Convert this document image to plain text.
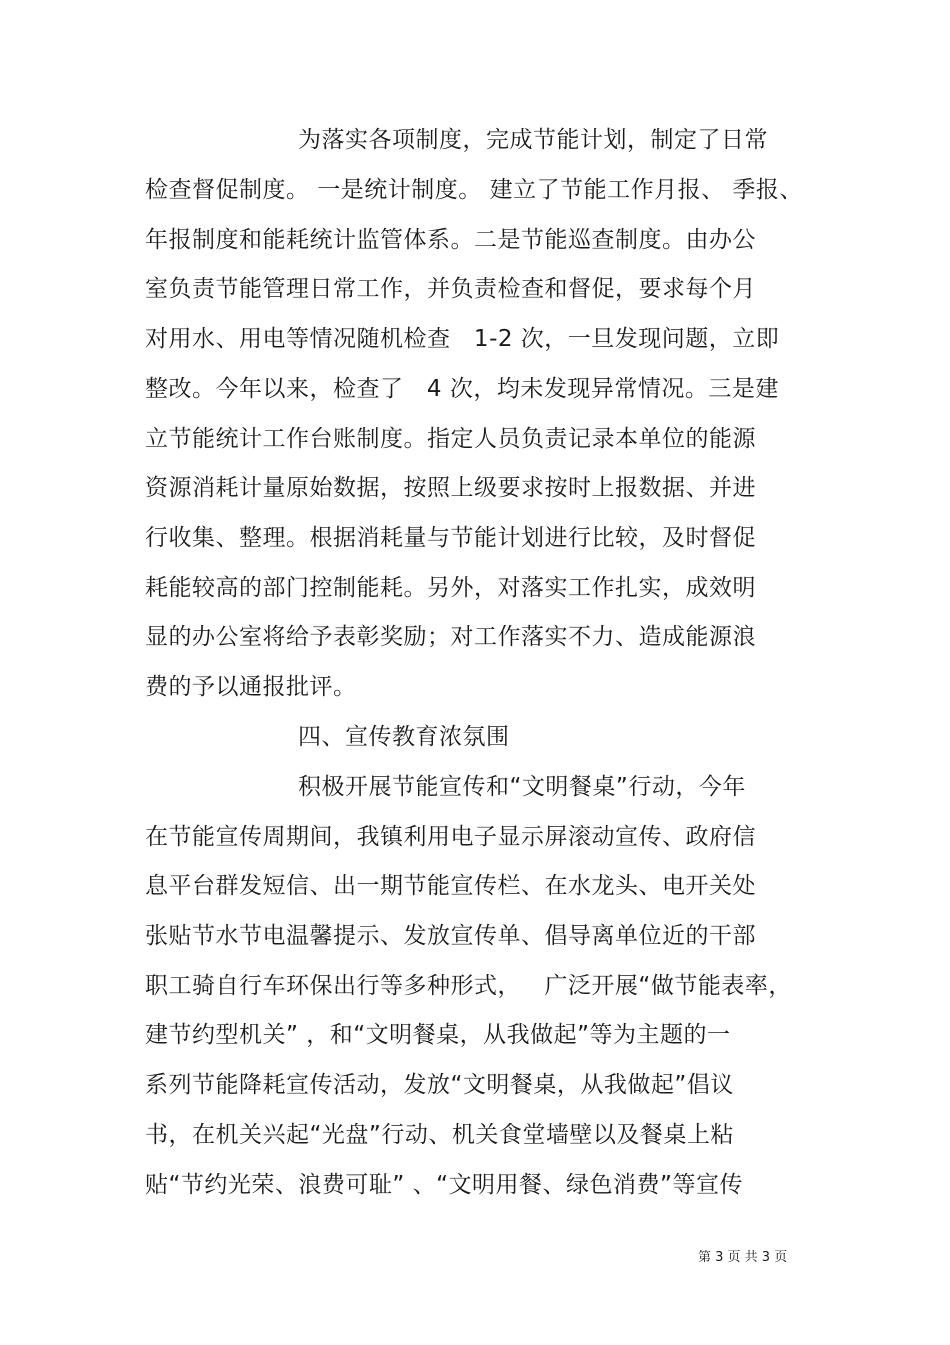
为落实各项制度，完成节能计划，制定了日常
检查督促制度。 一是统计制度。 建立了节能工作月报、 季报、
年报制度和能耗统计监管体系。二是节能巡查制度。由办公
室负责节能管理日常工作，并负责检查和督促，要求每个月
对用水、用电等情况随机检查   1-2 次，一旦发现问题，立即
整改。今年以来，检查了   4 次，均未发现异常情况。三是建
立节能统计工作台账制度。指定人员负责记录本单位的能源
资源消耗计量原始数据，按照上级要求按时上报数据、并进
行收集、整理。根据消耗量与节能计划进行比较，及时督促
耗能较高的部门控制能耗。另外，对落实工作扎实，成效明
显的办公室将给予表彰奖励；对工作落实不力、造成能源浪
费的予以通报批评。
四、宣传教育浓氛围
积极开展节能宣传和“文明餐桌”行动，今年
在节能宣传周期间，我镇利用电子显示屏滚动宣传、政府信
息平台群发短信、出一期节能宣传栏、在水龙头、电开关处
张贴节水节电温馨提示、发放宣传单、倡导离单位近的干部
职工骑自行车环保出行等多种形式，   广泛开展“做节能表率，
建节约型机关” ，和“文明餐桌，从我做起”等为主题的一
系列节能降耗宣传活动，发放“文明餐桌，从我做起”倡议
书，在机关兴起“光盘”行动、机关食堂墙壁以及餐桌上粘
贴“节约光荣、浪费可耻” 、“文明用餐、绿色消费”等宣传
第 3 页 共 3 页
